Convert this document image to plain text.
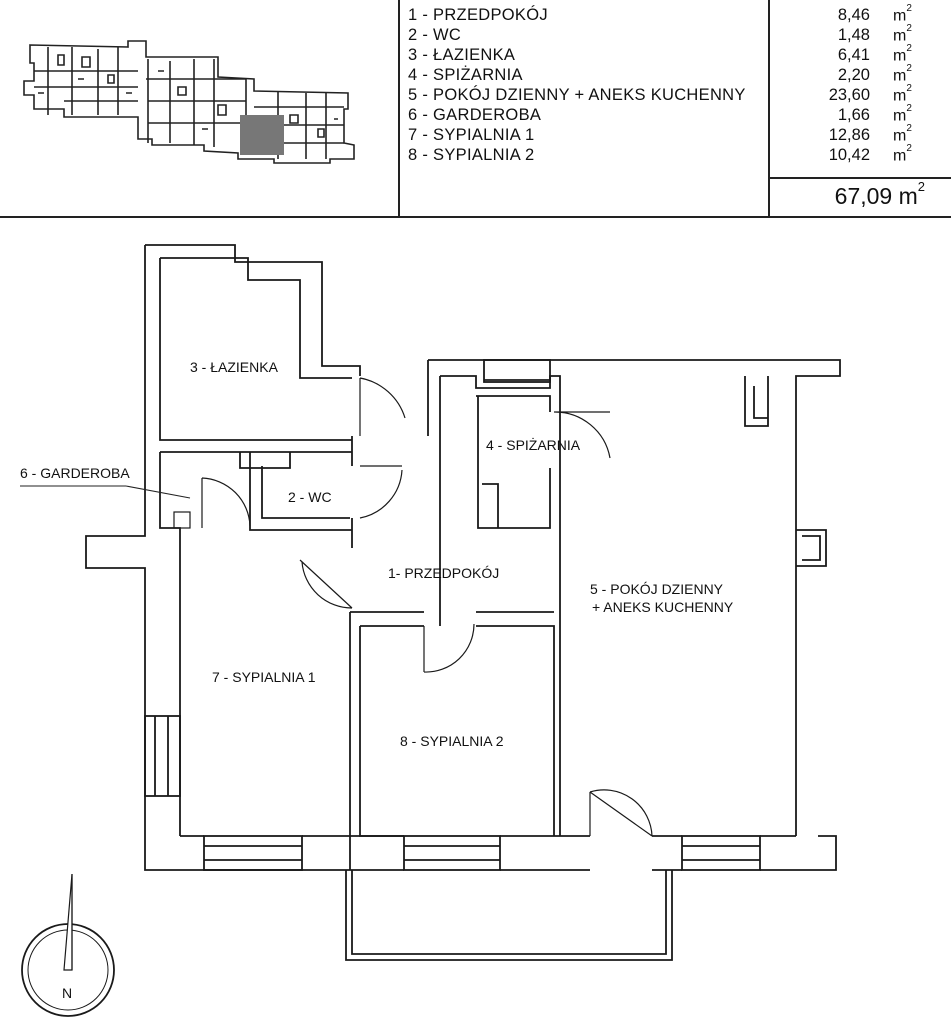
1 - PRZEDPOKÓJ	8,46 $m^2$
2 - WC	1,48 $m^2$
3 - ŁAZIENKA	6,41 $m^2$
4 - SPIŻARNIA	2,20 $m^2$
5 - POKÓJ DZIENNY + ANEKS KUCHENNY	23,60 $m^2$
6 - GARDEROBA	1,66 $m^2$
7 - SYPIALNIA 1	12,86 $m^2$
8 - SYPIALNIA 2	10,42 $m^2$
67,09 $m^2$
3 - ŁAZIENKA
4 - SPIŻARNIA
6 - GARDEROBA
2 - WC
1- PRZEDPOKÓJ
5 - POKÓJ DZIENNY
+ ANEKS KUCHENNY
7 - SYPIALNIA 1
8 - SYPIALNIA 2
N
